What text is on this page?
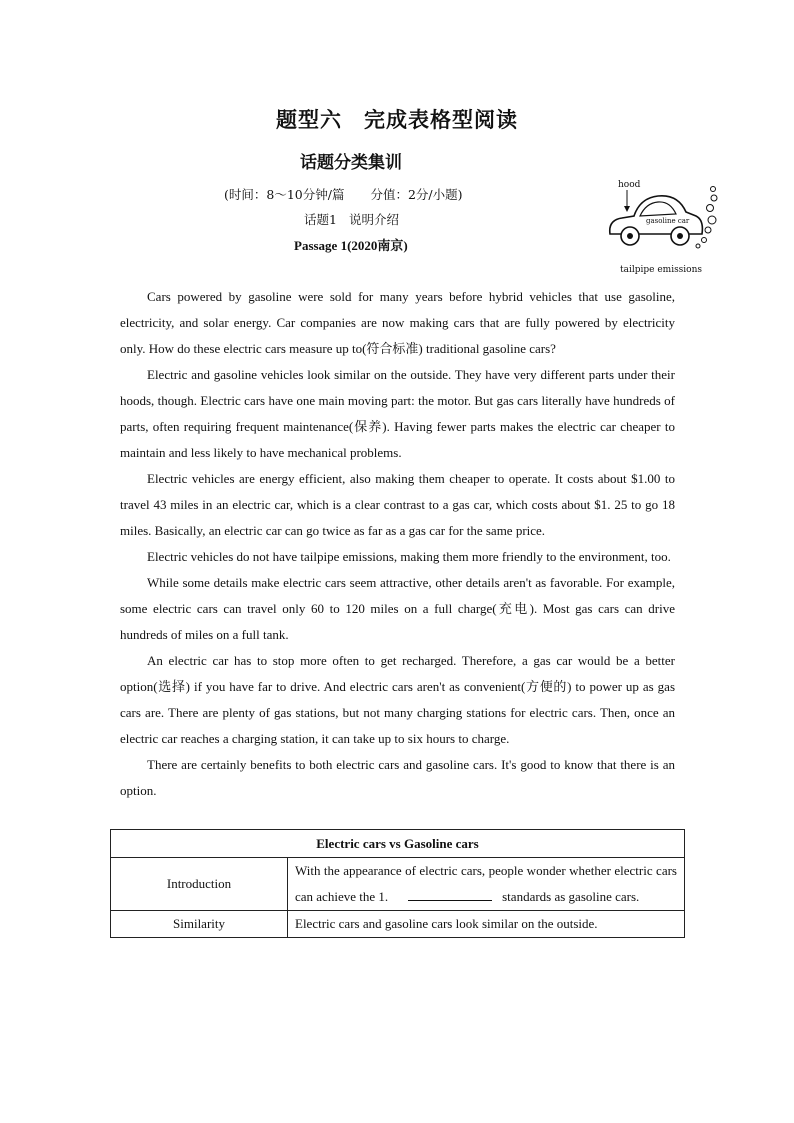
题型六 完成表格型阅读
话题分类集训
(时间：8～10分钟/篇 分值：2分/小题)
话题1 说明介绍
Passage 1(2020南京)
hood
gasoline car
tailpipe emissions

Cars powered by gasoline were sold for many years before hybrid vehicles that use gasoline, electricity, and solar energy. Car companies are now making cars that are fully powered by electricity only. How do these electric cars measure up to(符合标准) traditional gasoline cars?

Electric and gasoline vehicles look similar on the outside. They have very different parts under their hoods, though. Electric cars have one main moving part: the motor. But gas cars literally have hundreds of parts, often requiring frequent maintenance(保养). Having fewer parts makes the electric car cheaper to maintain and less likely to have mechanical problems.

Electric vehicles are energy efficient, also making them cheaper to operate. It costs about $1.00 to travel 43 miles in an electric car, which is a clear contrast to a gas car, which costs about $1. 25 to go 18 miles. Basically, an electric car can go twice as far as a gas car for the same price.

Electric vehicles do not have tailpipe emissions, making them more friendly to the environment, too.

While some details make electric cars seem attractive, other details aren't as favorable. For example, some electric cars can travel only 60 to 120 miles on a full charge(充电). Most gas cars can drive hundreds of miles on a full tank.

An electric car has to stop more often to get recharged. Therefore, a gas car would be a better option(选择) if you have far to drive. And electric cars aren't as convenient(方便的) to power up as gas cars are. There are plenty of gas stations, but not many charging stations for electric cars. Then, once an electric car reaches a charging station, it can take up to six hours to charge.

There are certainly benefits to both electric cars and gasoline cars. It's good to know that there is an option.

Electric cars vs Gasoline cars	
Introduction	With the appearance of electric cars, people wonder whether electric cars can achieve the 1. standards as gasoline cars.
Similarity	Electric cars and gasoline cars look similar on the outside.
